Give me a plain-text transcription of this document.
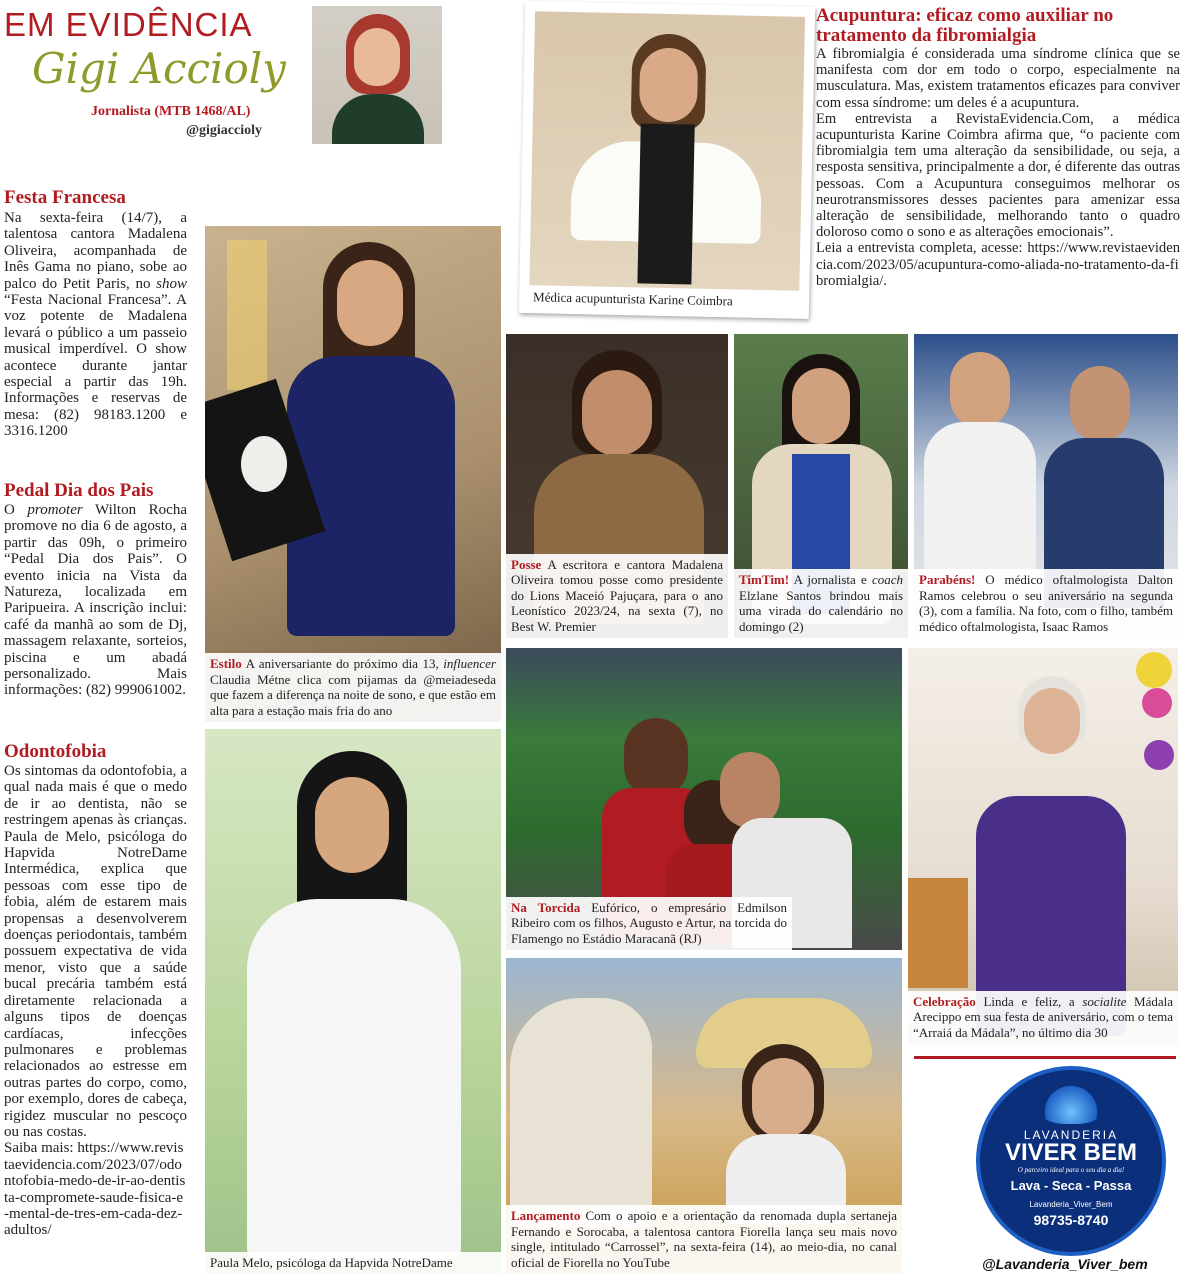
EM EVIDÊNCIA
Gigi Accioly
Jornalista (MTB 1468/AL)
@gigiaccioly
Acupuntura: eficaz como auxiliar no tratamento da fibromialgia

A fibromialgia é considerada uma síndrome clínica que se manifesta com dor em todo o corpo, especialmente na musculatura. Mas, existem tratamentos eficazes para conviver com essa síndrome: um deles é a acupuntura.

Em entrevista a RevistaEvidencia.Com, a médica acupunturista Karine Coimbra afirma que, “o paciente com fibromialgia tem uma alteração da sensibilidade, ou seja, a resposta sensitiva, principalmente a dor, é diferente das outras pessoas. Com a Acupuntura conseguimos melhorar os neurotransmissores desses pacientes para amenizar essa alteração de sensibilidade, melhorando tanto o quadro doloroso como o sono e as alterações emocionais”.

Leia a entrevista completa, acesse: https://www.revistaevidencia.com/2023/05/acupuntura-como-aliada-no-tratamento-da-fibromialgia/.

Médica acupunturista Karine Coimbra
Festa Francesa
Na sexta-feira (14/7), a talentosa cantora Madalena Oliveira, acompanhada de Inês Gama no piano, sobe ao palco do Petit Paris, no show “Festa Nacional Francesa”. A voz potente de Madalena levará o público a um passeio musical imperdível. O show acontece durante jantar especial a partir das 19h. Informações e reservas de mesa: (82) 98183.1200 e 3316.1200
Pedal Dia dos Pais
O promoter Wilton Rocha promove no dia 6 de agosto, a partir das 09h, o primeiro “Pedal Dia dos Pais”. O evento inicia na Vista da Natureza, localizada em Paripueira. A inscrição inclui: café da manhã ao som de Dj, massagem relaxante, sorteios, piscina e um abadá personalizado. Mais informações: (82) 999061002.
Odontofobia

Os sintomas da odontofobia, a qual nada mais é que o medo de ir ao dentista, não se restringem apenas às crianças. Paula de Melo, psicóloga do Hapvida NotreDame Intermédica, explica que pessoas com esse tipo de fobia, além de estarem mais propensas a desenvolverem doenças periodontais, também possuem expectativa de vida menor, visto que a saúde bucal precária também está diretamente relacionada a alguns tipos de doenças cardíacas, infecções pulmonares e problemas relacionados ao estresse em outras partes do corpo, como, por exemplo, dores de cabeça, rigidez muscular no pescoço ou nas costas.

Saiba mais: https://www.revistaevidencia.com/2023/07/odontofobia-medo-de-ir-ao-dentista-compromete-saude-fisica-e-mental-de-tres-em-cada-dez-adultos/

Estilo A aniversariante do próximo dia 13, influencer Claudia Métne clica com pijamas da @meiadeseda que fazem a diferença na noite de sono, e que estão em alta para a estação mais fria do ano
Paula Melo, psicóloga da Hapvida NotreDame
Posse A escritora e cantora Madalena Oliveira tomou posse como presidente do Lions Maceió Pajuçara, para o ano Leonístico 2023/24, na sexta (7), no Best W. Premier
TimTim! A jornalista e coach Elzlane Santos brindou mais uma virada do calendário no domingo (2)
Parabéns! O médico oftalmologista Dalton Ramos celebrou o seu aniversário na segunda (3), com a família. Na foto, com o filho, também médico oftalmologista, Isaac Ramos
Na Torcida Eufórico, o empresário Edmilson Ribeiro com os filhos, Augusto e Artur, na torcida do Flamengo no Estádio Maracanã (RJ)
Celebração Linda e feliz, a socialite Mádala Arecippo em sua festa de aniversário, com o tema “Arraiá da Mádala”, no último dia 30
Lançamento Com o apoio e a orientação da renomada dupla sertaneja Fernando e Sorocaba, a talentosa cantora Fiorella lança seu mais novo single, intitulado “Carrossel”, na sexta-feira (14), ao meio-dia, no canal oficial de Fiorella no YouTube
LAVANDERIA
VIVER BEM
O parceiro ideal para o seu dia a dia!
Lava - Seca - Passa
Lavanderia_Viver_Bem
98735-8740
@Lavanderia_Viver_bem
